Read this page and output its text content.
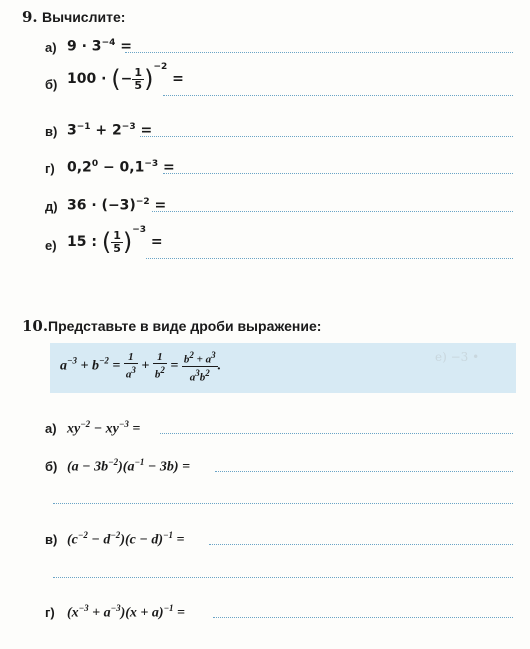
9. Вычислите:
а) $9 \cdot 3^{-4}$ =
б) 100 · (− $\frac{1}{5} )^{-2}$ =
в) $3^{-1} + 2^{-3}$ =
г) $0,2^0 - 0,1^{-3}$ =
д) $36 \cdot (-3)^{-2}$ =
е) 15 : ( $\frac{1}{5} )^{-3}$ =
10. Представьте в виде дроби выражение:
e) −3 •
$a^{-3} + b^{-2} = \frac{1}{a^3} + \frac{1}{b^2} = \frac{b^2 + a^3}{a^3b^2}$ .
а) $xy^{-2} - xy^{-3}$ =
б) $(a - 3b^{-2})(a^{-1} - 3b)$ =
в) $(c^{-2} - d^{-2})(c - d)^{-1}$ =
г) $(x^{-3} + a^{-3})(x + a)^{-1}$ =
